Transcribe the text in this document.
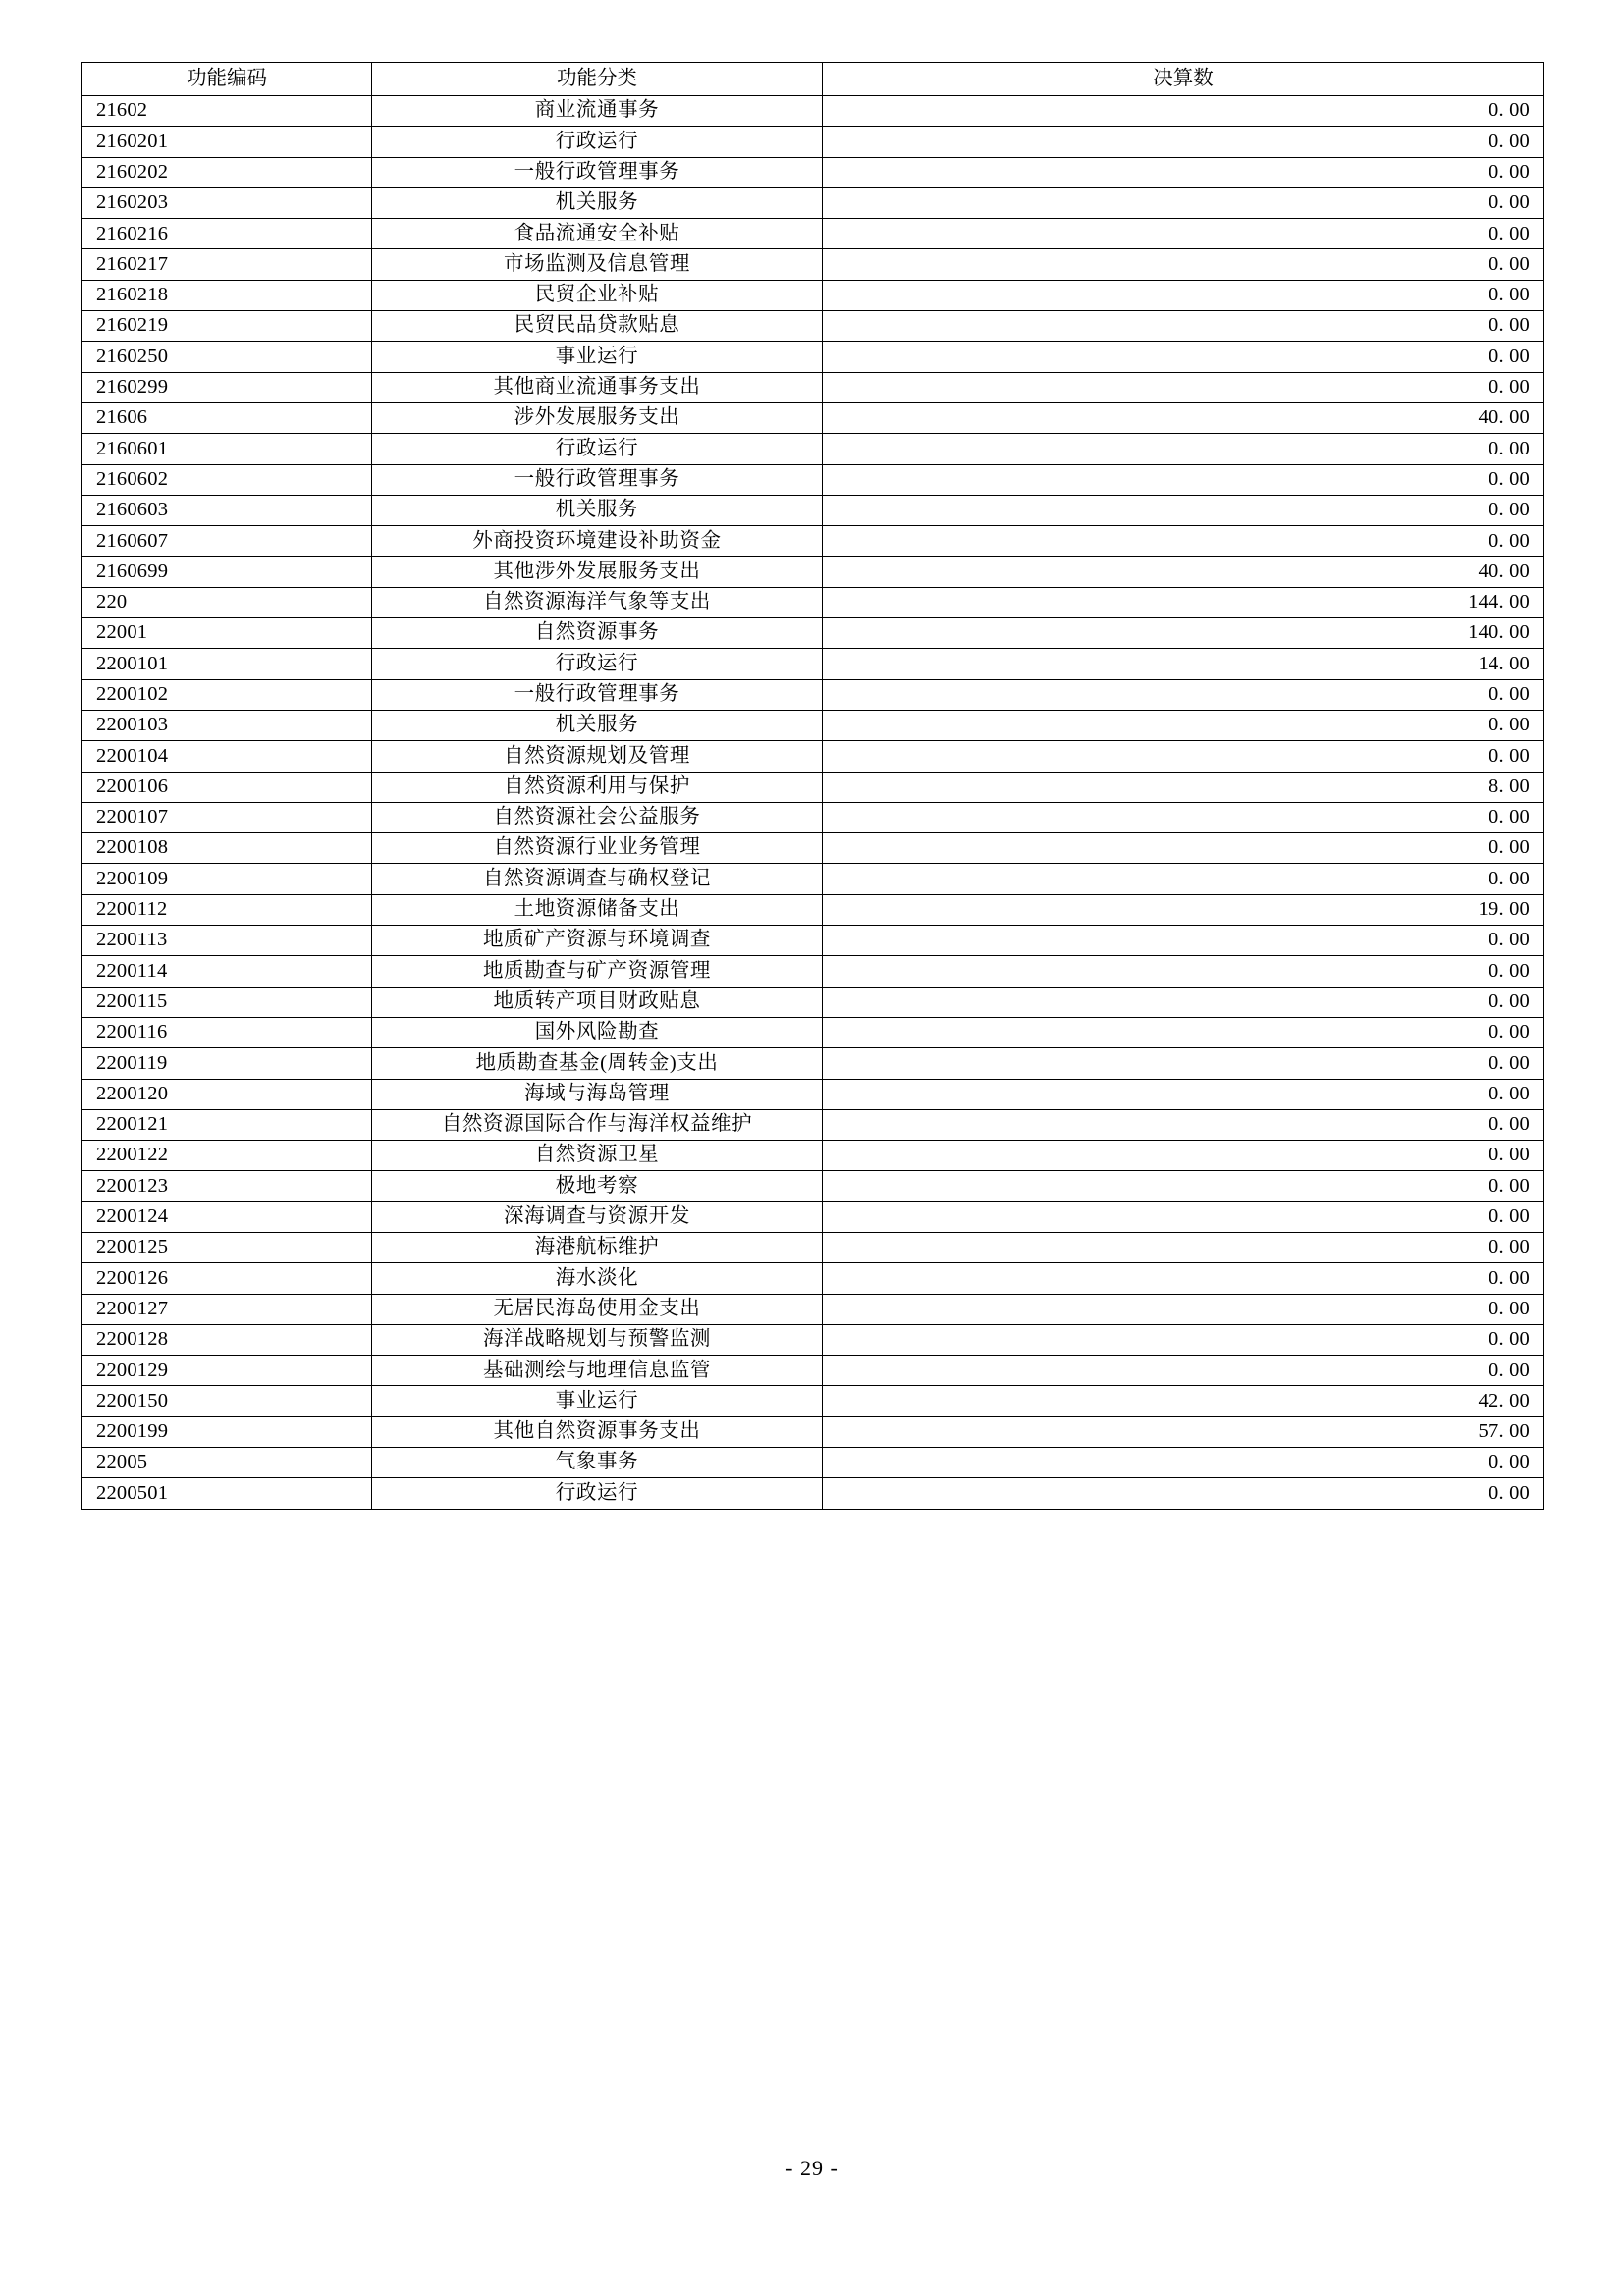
功能编码	功能分类	决算数
21602	商业流通事务	0. 00
2160201	行政运行	0. 00
2160202	一般行政管理事务	0. 00
2160203	机关服务	0. 00
2160216	食品流通安全补贴	0. 00
2160217	市场监测及信息管理	0. 00
2160218	民贸企业补贴	0. 00
2160219	民贸民品贷款贴息	0. 00
2160250	事业运行	0. 00
2160299	其他商业流通事务支出	0. 00
21606	涉外发展服务支出	40. 00
2160601	行政运行	0. 00
2160602	一般行政管理事务	0. 00
2160603	机关服务	0. 00
2160607	外商投资环境建设补助资金	0. 00
2160699	其他涉外发展服务支出	40. 00
220	自然资源海洋气象等支出	144. 00
22001	自然资源事务	140. 00
2200101	行政运行	14. 00
2200102	一般行政管理事务	0. 00
2200103	机关服务	0. 00
2200104	自然资源规划及管理	0. 00
2200106	自然资源利用与保护	8. 00
2200107	自然资源社会公益服务	0. 00
2200108	自然资源行业业务管理	0. 00
2200109	自然资源调查与确权登记	0. 00
2200112	土地资源储备支出	19. 00
2200113	地质矿产资源与环境调查	0. 00
2200114	地质勘查与矿产资源管理	0. 00
2200115	地质转产项目财政贴息	0. 00
2200116	国外风险勘查	0. 00
2200119	地质勘查基金(周转金)支出	0. 00
2200120	海域与海岛管理	0. 00
2200121	自然资源国际合作与海洋权益维护	0. 00
2200122	自然资源卫星	0. 00
2200123	极地考察	0. 00
2200124	深海调查与资源开发	0. 00
2200125	海港航标维护	0. 00
2200126	海水淡化	0. 00
2200127	无居民海岛使用金支出	0. 00
2200128	海洋战略规划与预警监测	0. 00
2200129	基础测绘与地理信息监管	0. 00
2200150	事业运行	42. 00
2200199	其他自然资源事务支出	57. 00
22005	气象事务	0. 00
2200501	行政运行	0. 00
- 29 -
